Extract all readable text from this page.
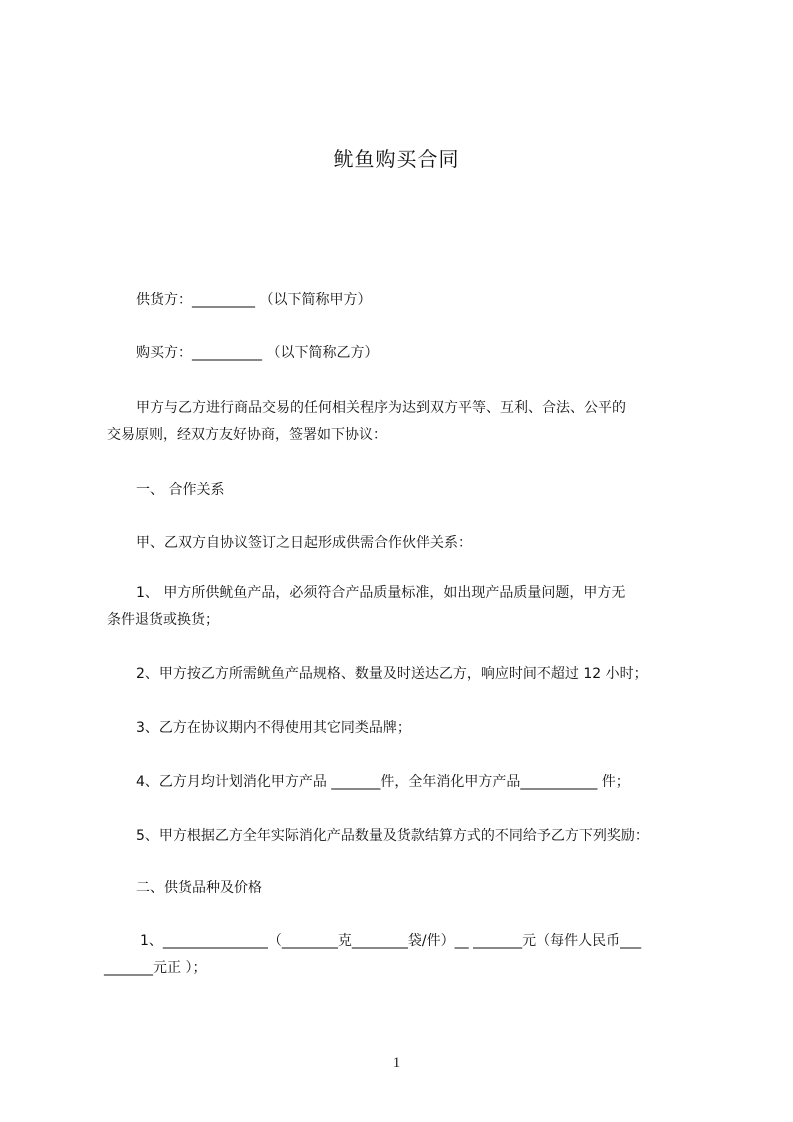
鱿鱼购买合同
供货方：_________ （以下简称甲方）
购买方：__________ （以下简称乙方）
甲方与乙方进行商品交易的任何相关程序为达到双方平等、互利、合法、公平的
交易原则，经双方友好协商，签署如下协议：
一、 合作关系
甲、乙双方自协议签订之日起形成供需合作伙伴关系：
1、 甲方所供鱿鱼产品，必须符合产品质量标准，如出现产品质量问题，甲方无
条件退货或换货；
2、甲方按乙方所需鱿鱼产品规格、数量及时送达乙方，响应时间不超过 12 小时；
3、乙方在协议期内不得使用其它同类品牌；
4、乙方月均计划消化甲方产品 _______件，全年消化甲方产品___________ 件；
5、甲方根据乙方全年实际消化产品数量及货款结算方式的不同给予乙方下列奖励：
二、供货品种及价格
1、_______________（________克________袋/件）__ _______元（每件人民币___
_______元正 ）；
1
